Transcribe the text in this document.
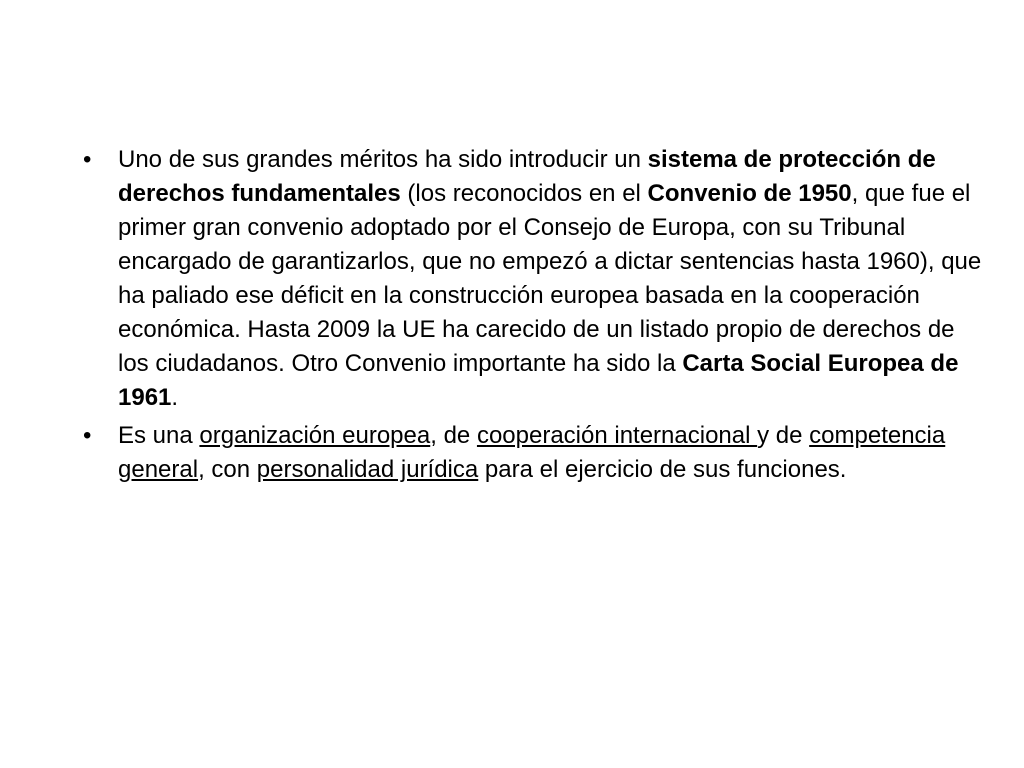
• Uno de sus grandes méritos ha sido introducir un sistema de protección de derechos fundamentales (los reconocidos en el Convenio de 1950, que fue el primer gran convenio adoptado por el Consejo de Europa, con su Tribunal encargado de garantizarlos, que no empezó a dictar sentencias hasta 1960), que ha paliado ese déficit en la construcción europea basada en la cooperación económica. Hasta 2009 la UE ha carecido de un listado propio de derechos de los ciudadanos. Otro Convenio importante ha sido la Carta Social Europea de 1961.
• Es una organización europea, de cooperación internacional y de competencia general, con personalidad jurídica para el ejercicio de sus funciones.
